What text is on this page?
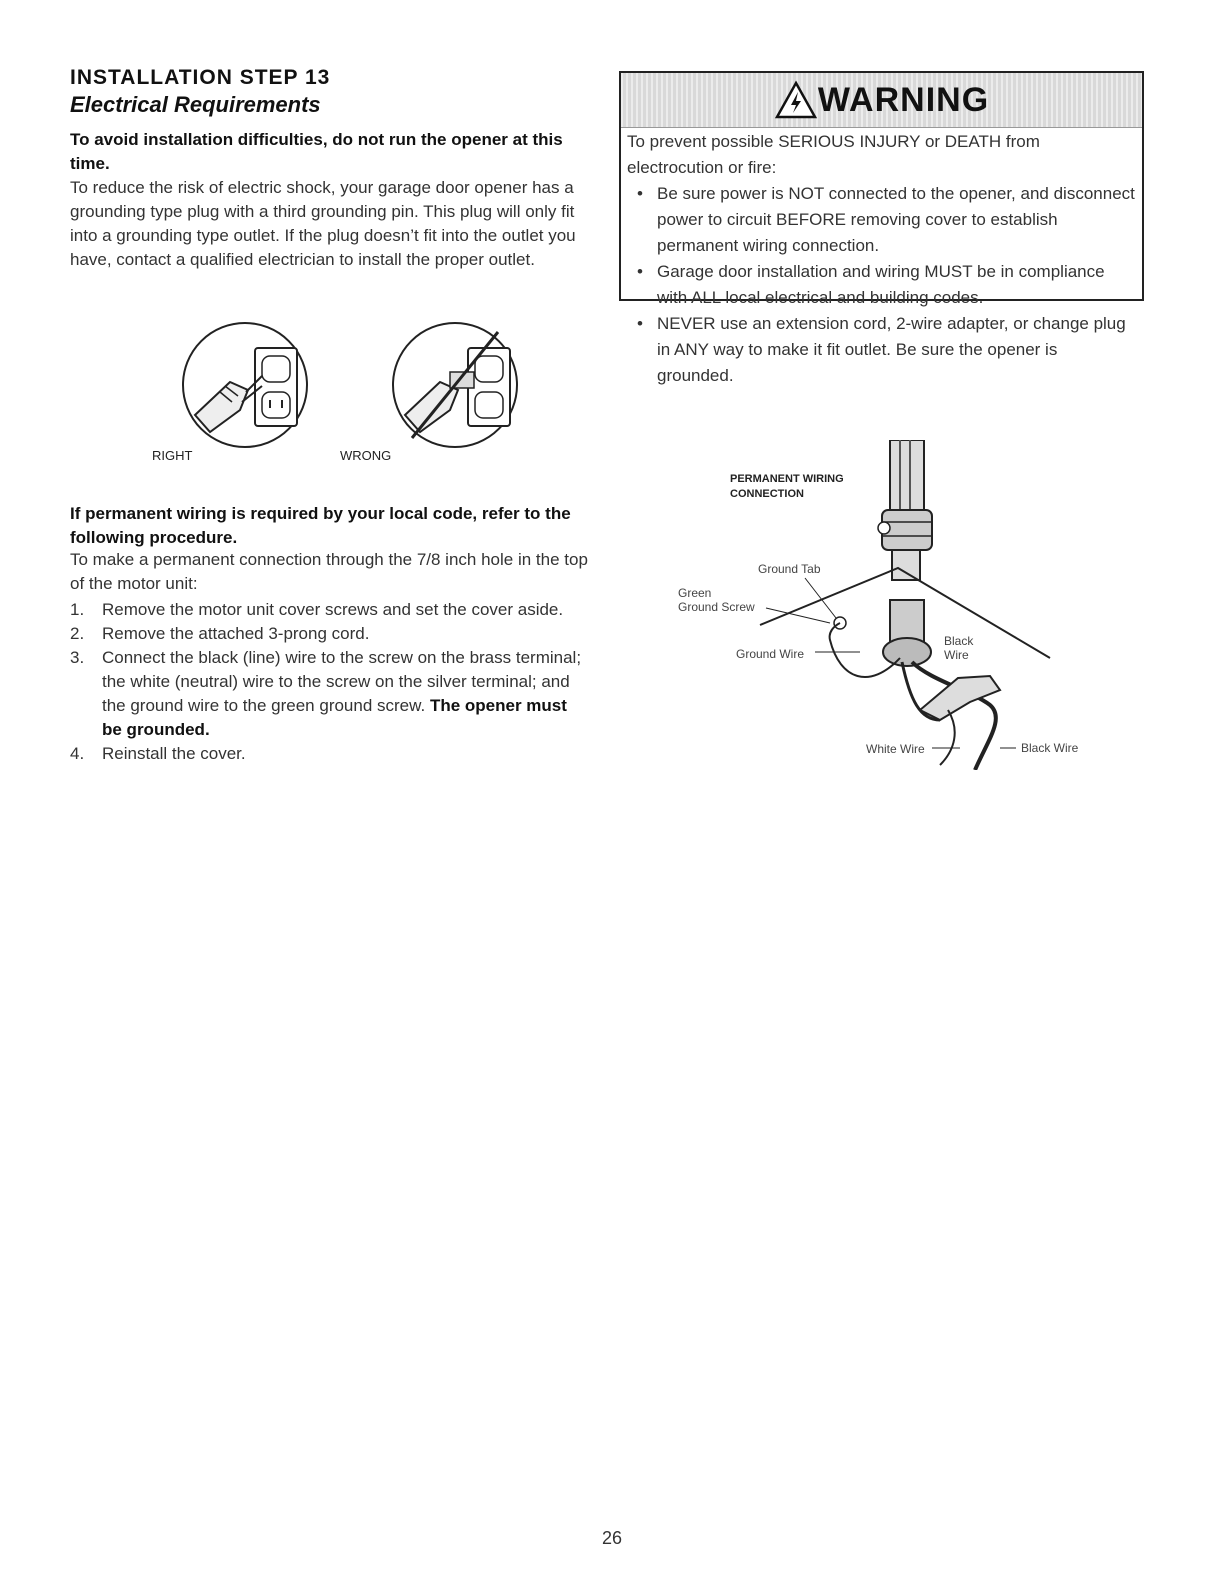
INSTALLATION STEP 13
Electrical Requirements
To avoid installation difficulties, do not run the opener at this time.
To reduce the risk of electric shock, your garage door opener has a grounding type plug with a third grounding pin. This plug will only fit into a grounding type outlet. If the plug doesn’t fit into the outlet you have, contact a qualified electrician to install the proper outlet.
RIGHT	WRONG
If permanent wiring is required by your local code, refer to the following procedure.
To make a permanent connection through the 7/8 inch hole in the top of the motor unit:
1. Remove the motor unit cover screws and set the cover aside.
2. Remove the attached 3-prong cord.
3. Connect the black (line) wire to the screw on the brass terminal; the white (neutral) wire to the screw on the silver terminal; and the ground wire to the green ground screw. The opener must be grounded.
4. Reinstall the cover.
WARNING
To prevent possible SERIOUS INJURY or DEATH from electrocution or fire:
• Be sure power is NOT connected to the opener, and disconnect power to circuit BEFORE removing cover to establish permanent wiring connection.
• Garage door installation and wiring MUST be in compliance with ALL local electrical and building codes.
• NEVER use an extension cord, 2-wire adapter, or change plug in ANY way to make it fit outlet. Be sure the opener is grounded.
PERMANENT WIRING
CONNECTION
Ground Tab
Green
Ground Screw
Ground Wire
Black
Wire
White Wire	Black Wire
26
